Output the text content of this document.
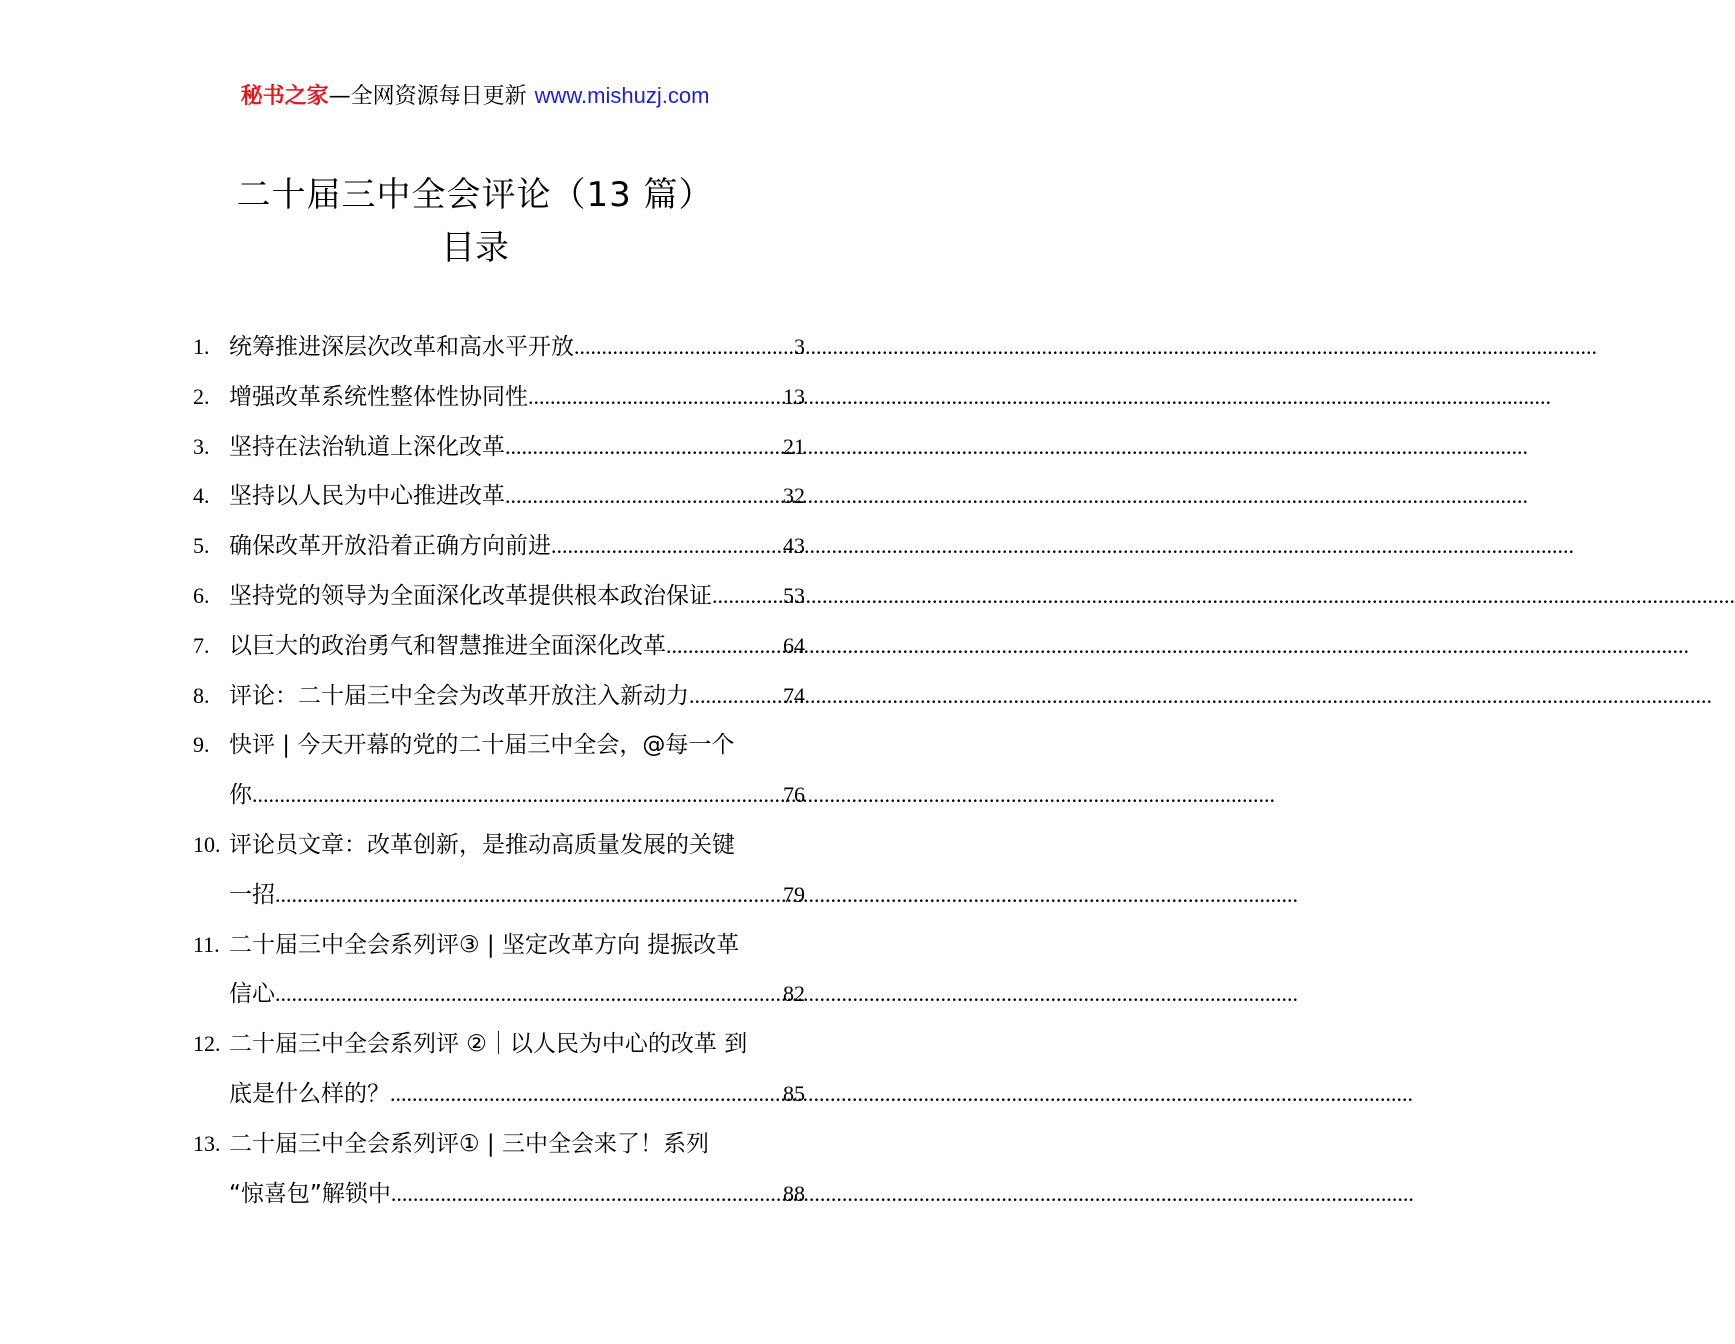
秘书之家—全网资源每日更新 www.mishuzj.com
二十届三中全会评论（13 篇）
目录
1. 统筹推进深层次改革和高水平开放 .....	3
2. 增强改革系统性整体性协同性 .....	13
3. 坚持在法治轨道上深化改革 .....	21
4. 坚持以人民为中心推进改革 .....	32
5. 确保改革开放沿着正确方向前进 .....	43
6. 坚持党的领导为全面深化改革提供根本政治保证 .....	53
7. 以巨大的政治勇气和智慧推进全面深化改革 .....	64
8. 评论：二十届三中全会为改革开放注入新动力 .....	74
9. 快评 | 今天开幕的党的二十届三中全会，@每一个
你 .....	76
10. 评论员文章：改革创新，是推动高质量发展的关键
一招 .....	79
11. 二十届三中全会系列评③ | 坚定改革方向 提振改革
信心 .....	82
12. 二十届三中全会系列评 ②｜以人民为中心的改革 到
底是什么样的？ .....	85
13. 二十届三中全会系列评① | 三中全会来了！系列
“惊喜包”解锁中 .....	88
